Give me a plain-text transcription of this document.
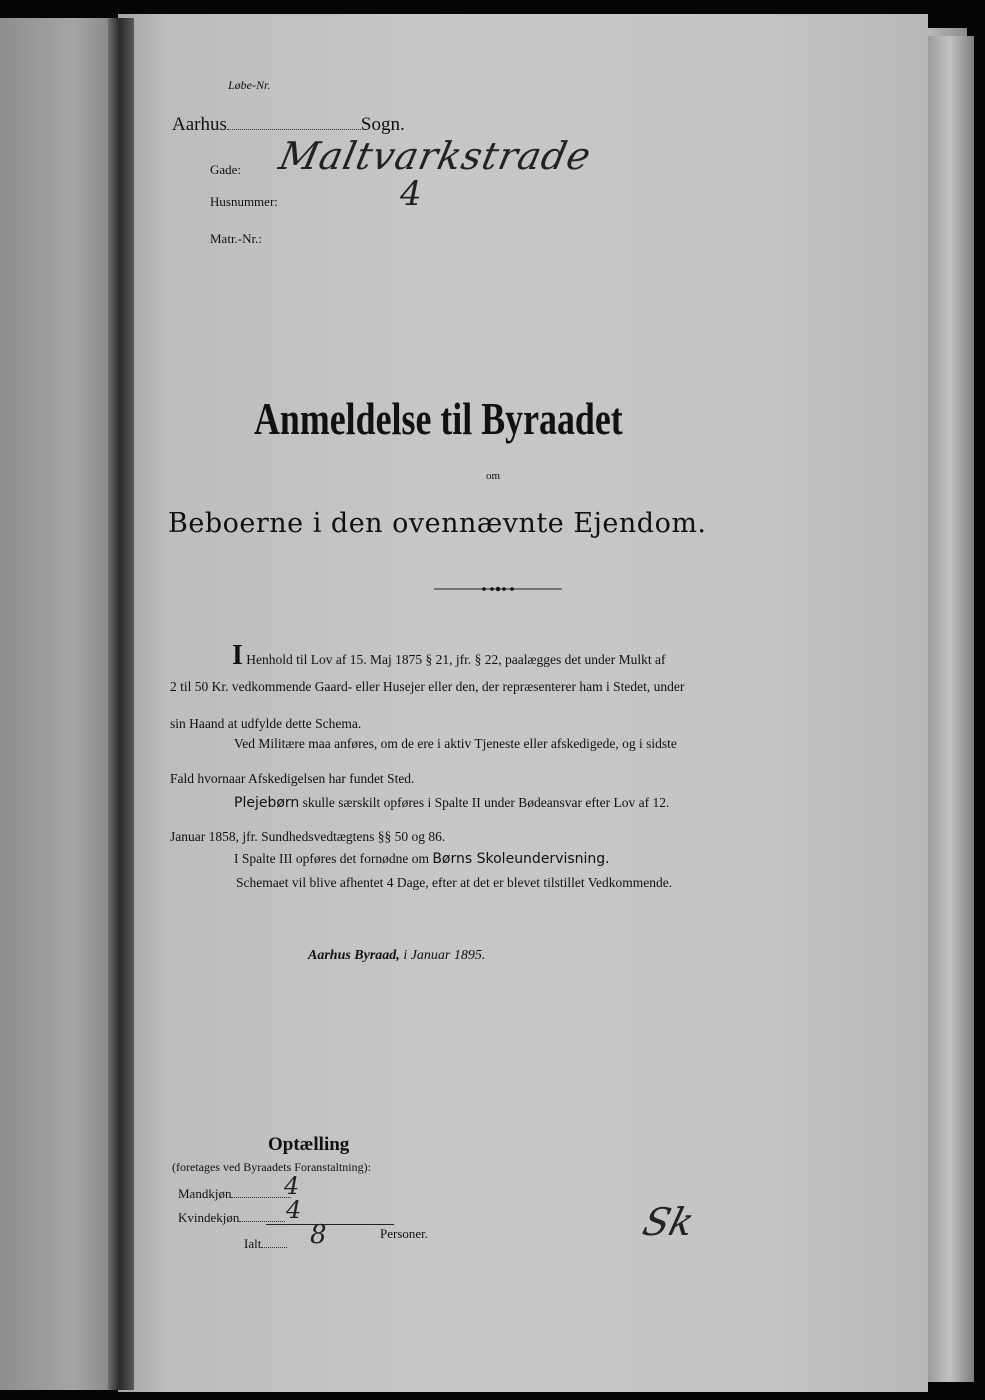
Løbe-Nr.
Aarhus	Sogn.
Gade: Maltvarkstrade
Husnummer:	4
Matr.-Nr.:
Anmeldelse til Byraadet
om
Beboerne i den ovennævnte Ejendom.
I Henhold til Lov af 15. Maj 1875 § 21, jfr. § 22, paalægges det under Mulkt af
2 til 50 Kr. vedkommende Gaard- eller Husejer eller den, der repræsenterer ham i Stedet, under
sin Haand at udfylde dette Schema.
Ved Militære maa anføres, om de ere i aktiv Tjeneste eller afskedigede, og i sidste
Fald hvornaar Afskedigelsen har fundet Sted.
Plejebørn skulle særskilt opføres i Spalte II under Bødeansvar efter Lov af 12.
Januar 1858, jfr. Sundhedsvedtægtens §§ 50 og 86.
I Spalte III opføres det fornødne om Børns Skoleundervisning.
Schemaet vil blive afhentet 4 Dage, efter at det er blevet tilstillet Vedkommende.
Aarhus Byraad, i Januar 1895.
Optælling
(foretages ved Byraadets Foranstaltning):
Mandkjøn	4
Kvindekjøn	4
Ialt	8	Personer.	Sk
